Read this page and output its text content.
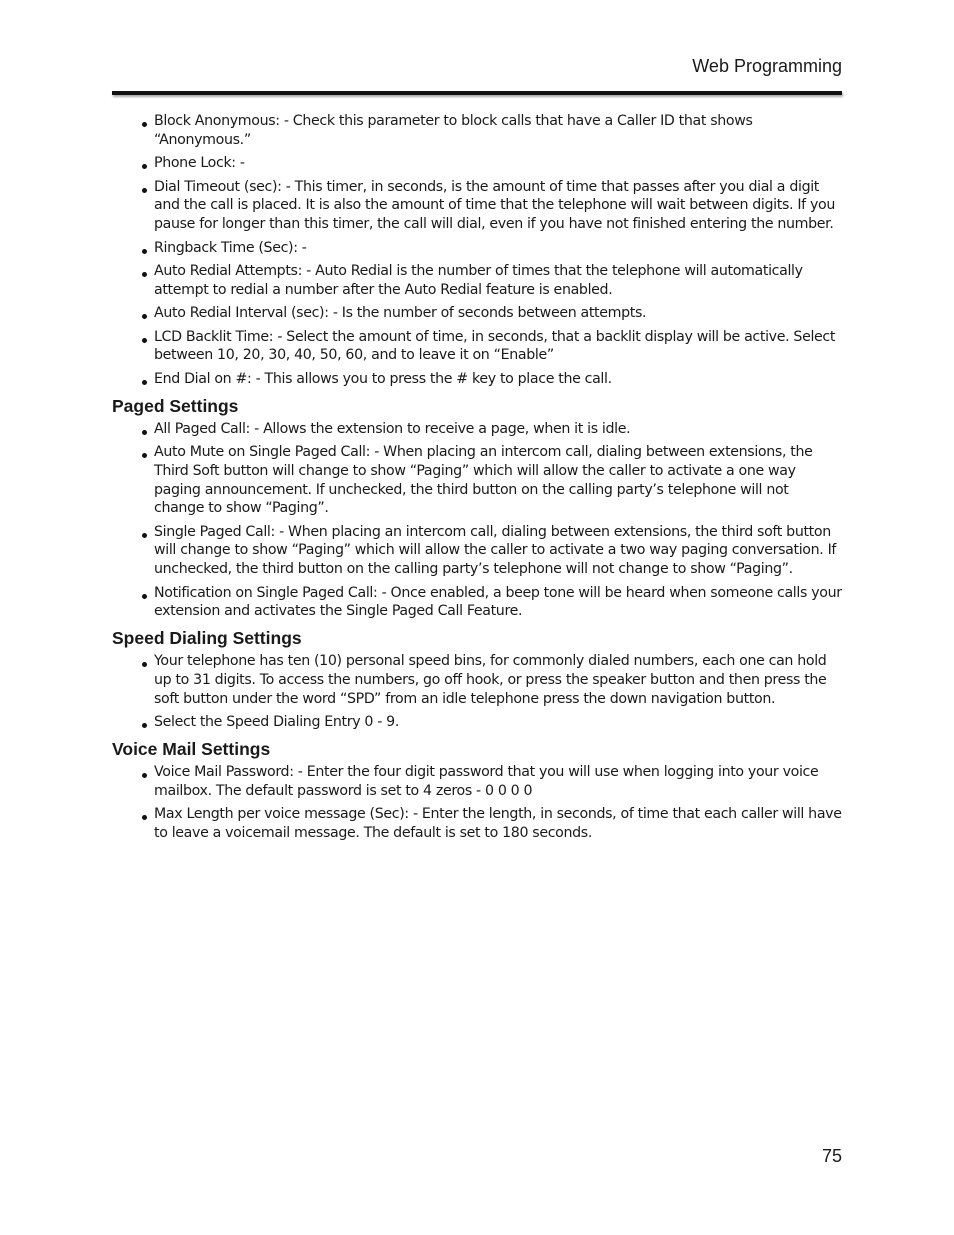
Web Programming
Block Anonymous: - Check this parameter to block calls that have a Caller ID that shows “Anonymous.”
Phone Lock: -
Dial Timeout (sec): - This timer, in seconds, is the amount of time that passes after you dial a digit and the call is placed. It is also the amount of time that the telephone will wait between digits. If you pause for longer than this timer, the call will dial, even if you have not finished entering the number.
Ringback Time (Sec): -
Auto Redial Attempts: - Auto Redial is the number of times that the telephone will automatically attempt to redial a number after the Auto Redial feature is enabled.
Auto Redial Interval (sec): - Is the number of seconds between attempts.
LCD Backlit Time: - Select the amount of time, in seconds, that a backlit display will be active. Select between 10, 20, 30, 40, 50, 60, and to leave it on “Enable”
End Dial on #: - This allows you to press the # key to place the call.
Paged Settings
All Paged Call: - Allows the extension to receive a page, when it is idle.
Auto Mute on Single Paged Call: - When placing an intercom call, dialing between extensions, the Third Soft button will change to show “Paging” which will allow the caller to activate a one way paging announcement. If unchecked, the third button on the calling party’s telephone will not change to show “Paging”.
Single Paged Call: - When placing an intercom call, dialing between extensions, the third soft button will change to show “Paging” which will allow the caller to activate a two way paging conversation. If unchecked, the third button on the calling party’s telephone will not change to show “Paging”.
Notification on Single Paged Call: - Once enabled, a beep tone will be heard when someone calls your extension and activates the Single Paged Call Feature.
Speed Dialing Settings
Your telephone has ten (10) personal speed bins, for commonly dialed numbers, each one can hold up to 31 digits. To access the numbers, go off hook, or press the speaker button and then press the soft button under the word “SPD” from an idle telephone press the down navigation button.
Select the Speed Dialing Entry 0 - 9.
Voice Mail Settings
Voice Mail Password: - Enter the four digit password that you will use when logging into your voice mailbox. The default password is set to 4 zeros - 0 0 0 0
Max Length per voice message (Sec): - Enter the length, in seconds, of time that each caller will have to leave a voicemail message. The default is set to 180 seconds.
75
